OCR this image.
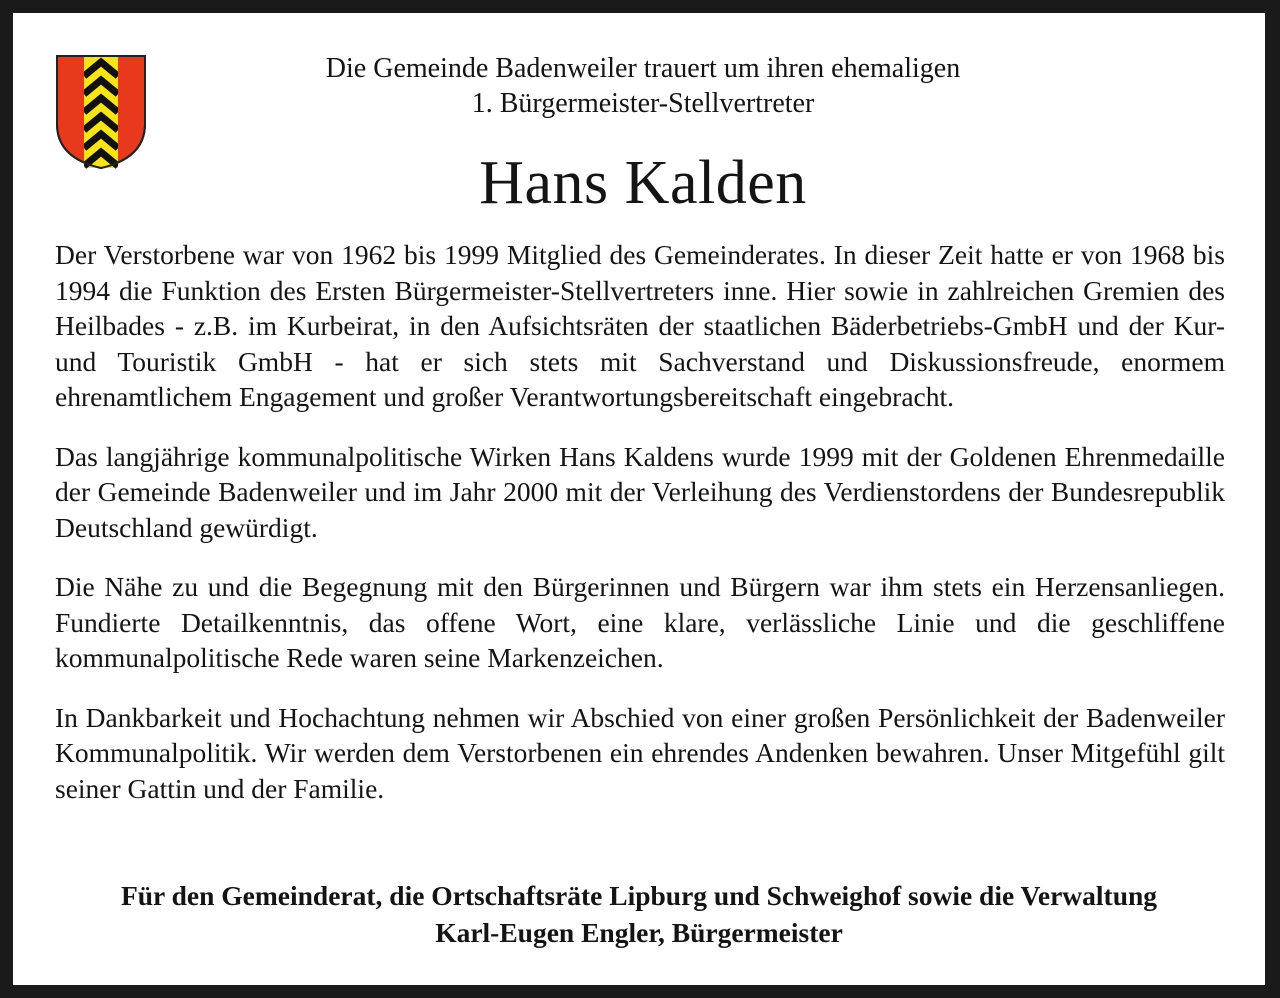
Die Gemeinde Badenweiler trauert um ihren ehemaligen
1. Bürgermeister-Stellvertreter
Hans Kalden

Der Verstorbene war von 1962 bis 1999 Mitglied des Gemeinderates. In dieser Zeit hatte er von 1968 bis 1994 die Funktion des Ersten Bürgermeister-Stellvertreters inne. Hier sowie in zahlreichen Gremien des Heilbades - z.B. im Kurbeirat, in den Aufsichtsräten der staatlichen Bäderbetriebs-GmbH und der Kur- und Touristik GmbH - hat er sich stets mit Sachverstand und Diskussionsfreude, enormem ehrenamtlichem Engagement und großer Verantwortungsbereitschaft eingebracht.

Das langjährige kommunalpolitische Wirken Hans Kaldens wurde 1999 mit der Goldenen Ehrenmedaille der Gemeinde Badenweiler und im Jahr 2000 mit der Verleihung des Verdienstordens der Bundesrepublik Deutschland gewürdigt.

Die Nähe zu und die Begegnung mit den Bürgerinnen und Bürgern war ihm stets ein Herzensanliegen. Fundierte Detailkenntnis, das offene Wort, eine klare, verlässliche Linie und die geschliffene kommunalpolitische Rede waren seine Markenzeichen.

In Dankbarkeit und Hochachtung nehmen wir Abschied von einer großen Persönlichkeit der Badenweiler Kommunalpolitik. Wir werden dem Verstorbenen ein ehrendes Andenken bewahren. Unser Mitgefühl gilt seiner Gattin und der Familie.

Für den Gemeinderat, die Ortschaftsräte Lipburg und Schweighof sowie die Verwaltung
Karl-Eugen Engler, Bürgermeister
